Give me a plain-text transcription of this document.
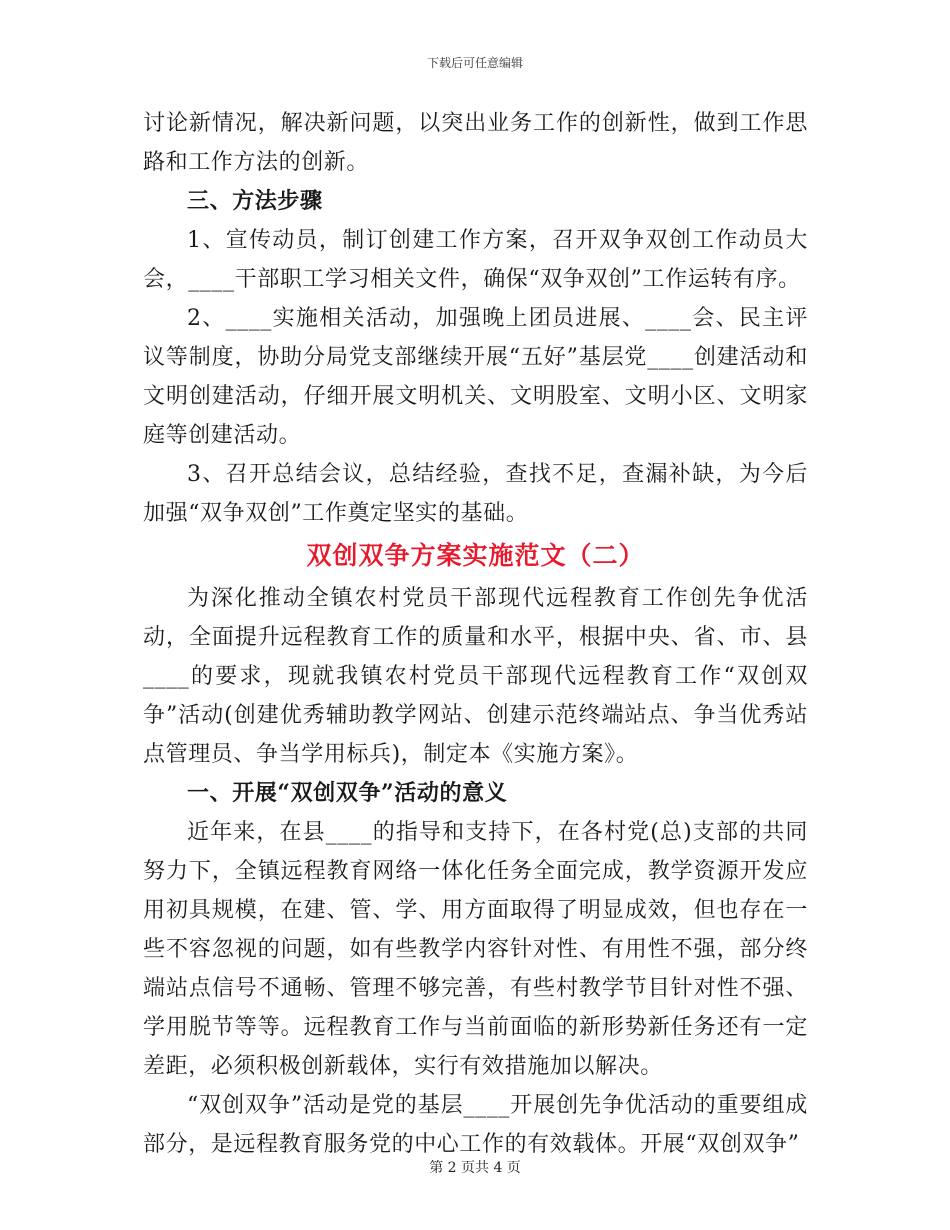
下载后可任意编辑

讨论新情况，解决新问题，以突出业务工作的创新性，做到工作思路和工作方法的创新。

三、方法步骤

1、宣传动员，制订创建工作方案，召开双争双创工作动员大会，____干部职工学习相关文件，确保“双争双创”工作运转有序。

2、____实施相关活动，加强晚上团员进展、____会、民主评议等制度，协助分局党支部继续开展“五好”基层党____创建活动和文明创建活动，仔细开展文明机关、文明股室、文明小区、文明家庭等创建活动。

3、召开总结会议，总结经验，查找不足，查漏补缺，为今后加强“双争双创”工作奠定坚实的基础。

双创双争方案实施范文（二）

为深化推动全镇农村党员干部现代远程教育工作创先争优活动，全面提升远程教育工作的质量和水平，根据中央、省、市、县____的要求，现就我镇农村党员干部现代远程教育工作“双创双争”活动(创建优秀辅助教学网站、创建示范终端站点、争当优秀站点管理员、争当学用标兵)，制定本《实施方案》。

一、开展“双创双争”活动的意义

近年来，在县____的指导和支持下，在各村党(总)支部的共同努力下，全镇远程教育网络一体化任务全面完成，教学资源开发应用初具规模，在建、管、学、用方面取得了明显成效，但也存在一些不容忽视的问题，如有些教学内容针对性、有用性不强，部分终端站点信号不通畅、管理不够完善，有些村教学节目针对性不强、学用脱节等等。远程教育工作与当前面临的新形势新任务还有一定差距，必须积极创新载体，实行有效措施加以解决。

“双创双争”活动是党的基层____开展创先争优活动的重要组成部分，是远程教育服务党的中心工作的有效载体。开展“双创双争”

第 2 页共 4 页
